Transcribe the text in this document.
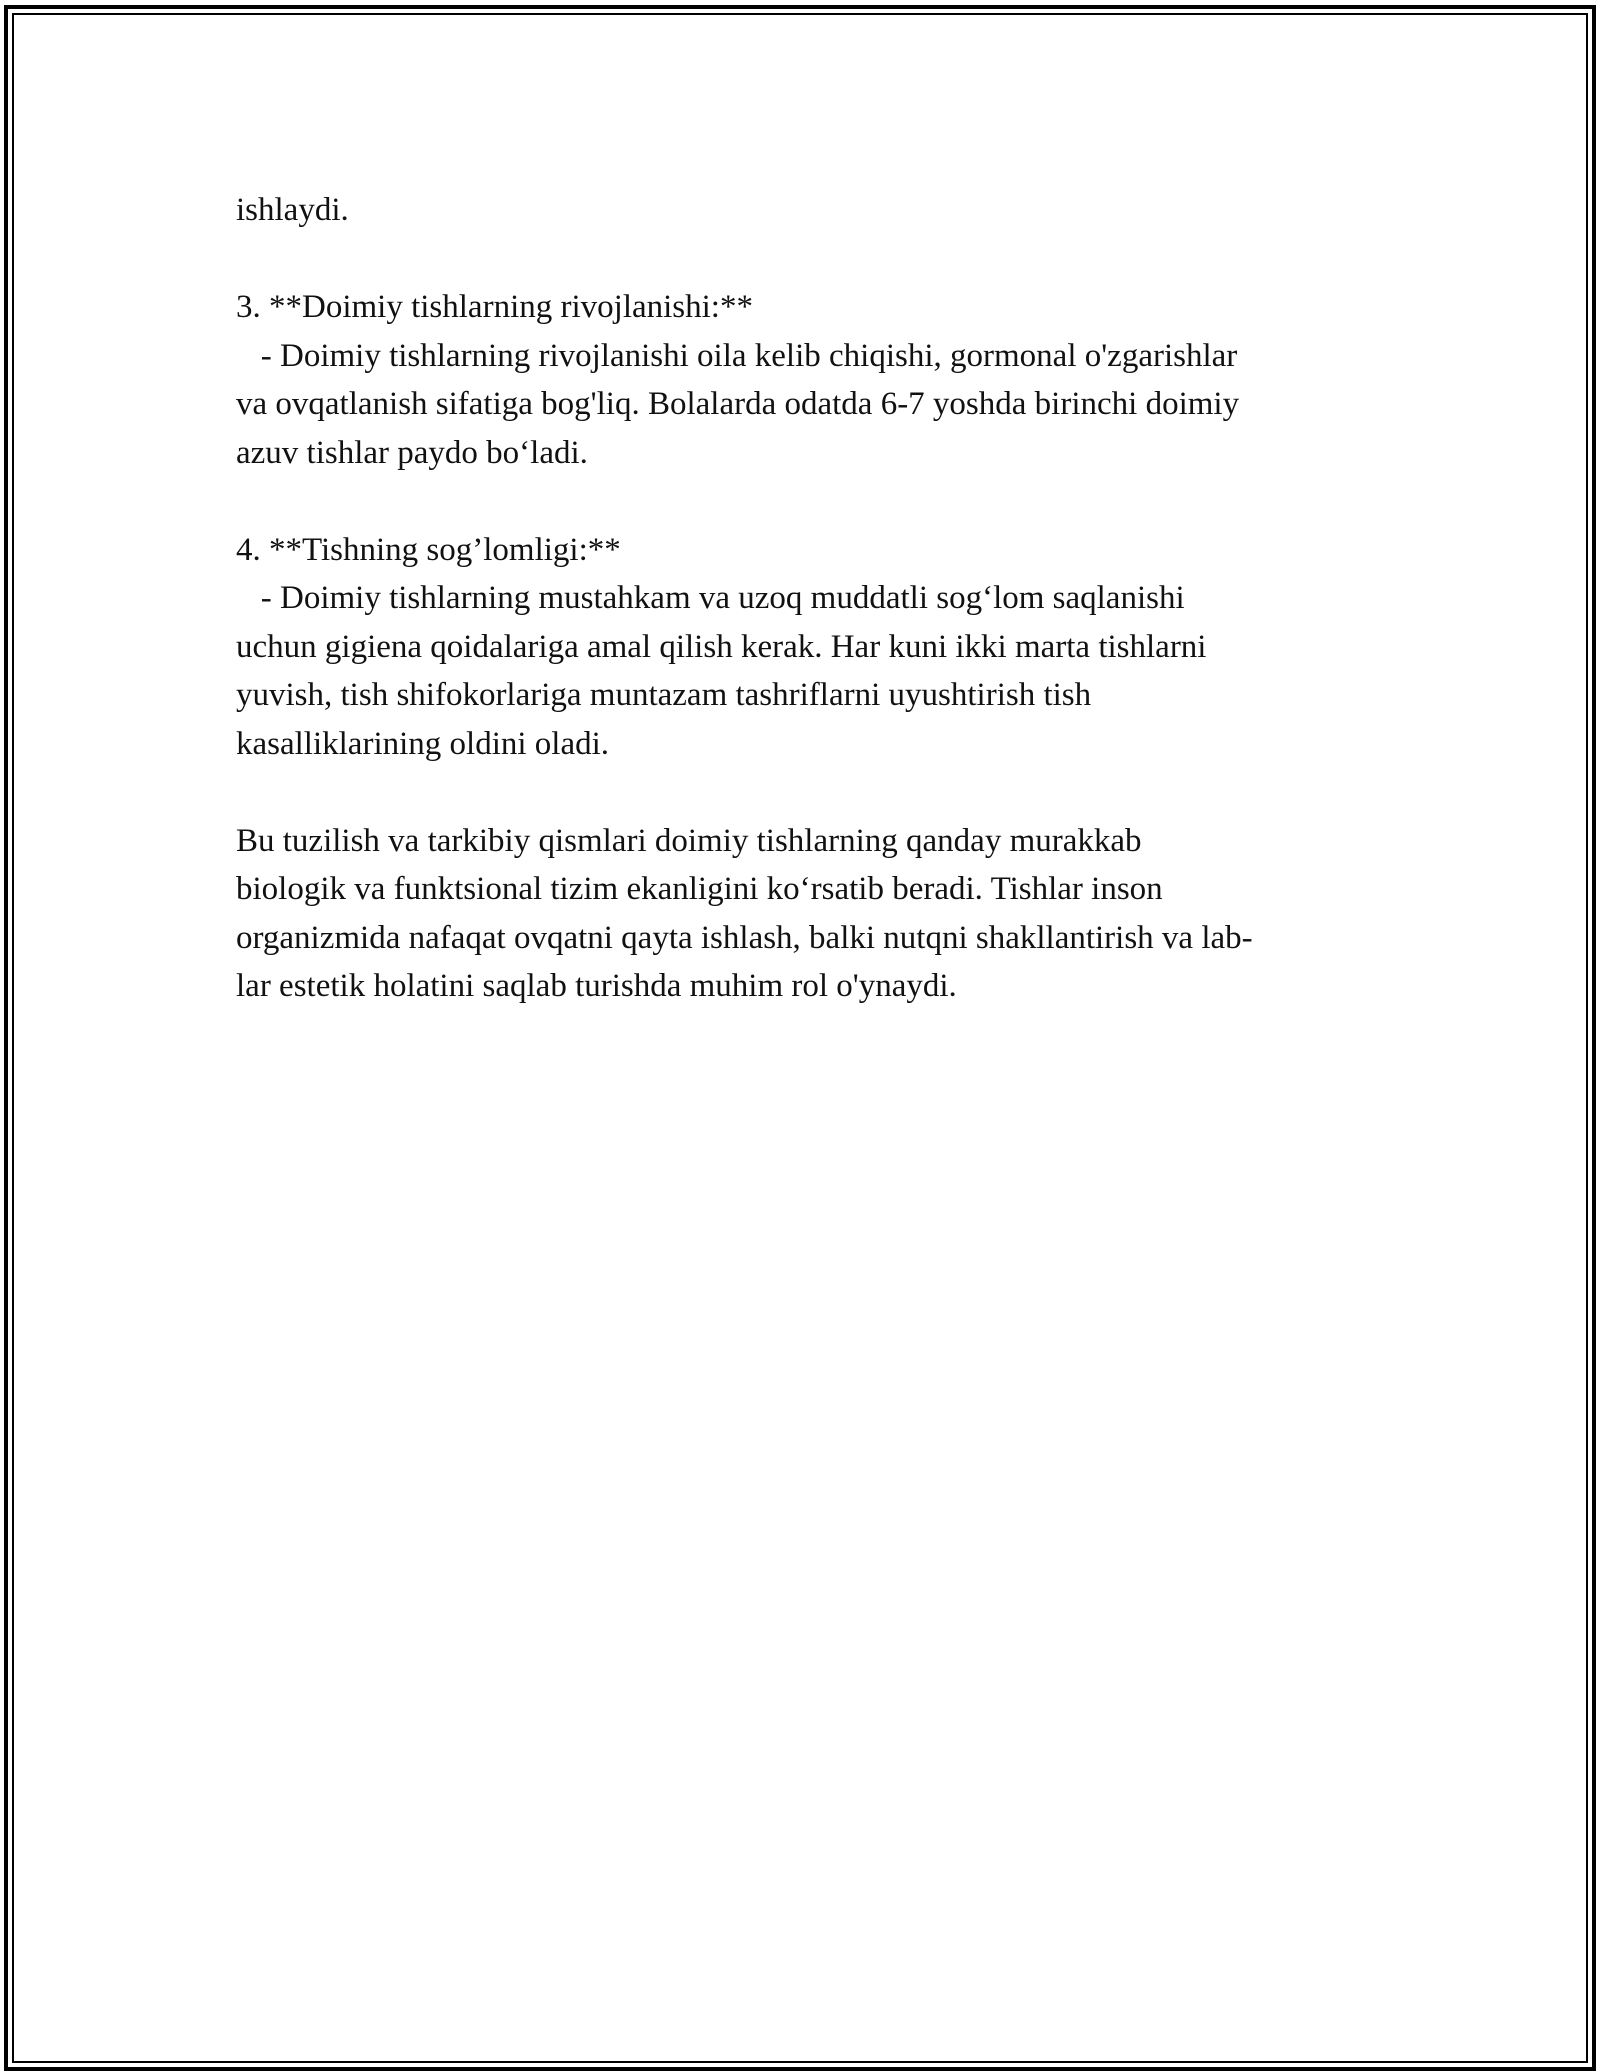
ishlaydi.
3. **Doimiy tishlarning rivojlanishi:**
- Doimiy tishlarning rivojlanishi oila kelib chiqishi, gormonal o'zgarishlar
va ovqatlanish sifatiga bog'liq. Bolalarda odatda 6-7 yoshda birinchi doimiy
azuv tishlar paydo bo‘ladi.
4. **Tishning sog’lomligi:**
- Doimiy tishlarning mustahkam va uzoq muddatli sog‘lom saqlanishi
uchun gigiena qoidalariga amal qilish kerak. Har kuni ikki marta tishlarni
yuvish, tish shifokorlariga muntazam tashriflarni uyushtirish tish
kasalliklarining oldini oladi.
Bu tuzilish va tarkibiy qismlari doimiy tishlarning qanday murakkab
biologik va funktsional tizim ekanligini ko‘rsatib beradi. Tishlar inson
organizmida nafaqat ovqatni qayta ishlash, balki nutqni shakllantirish va lab-
lar estetik holatini saqlab turishda muhim rol o'ynaydi.
